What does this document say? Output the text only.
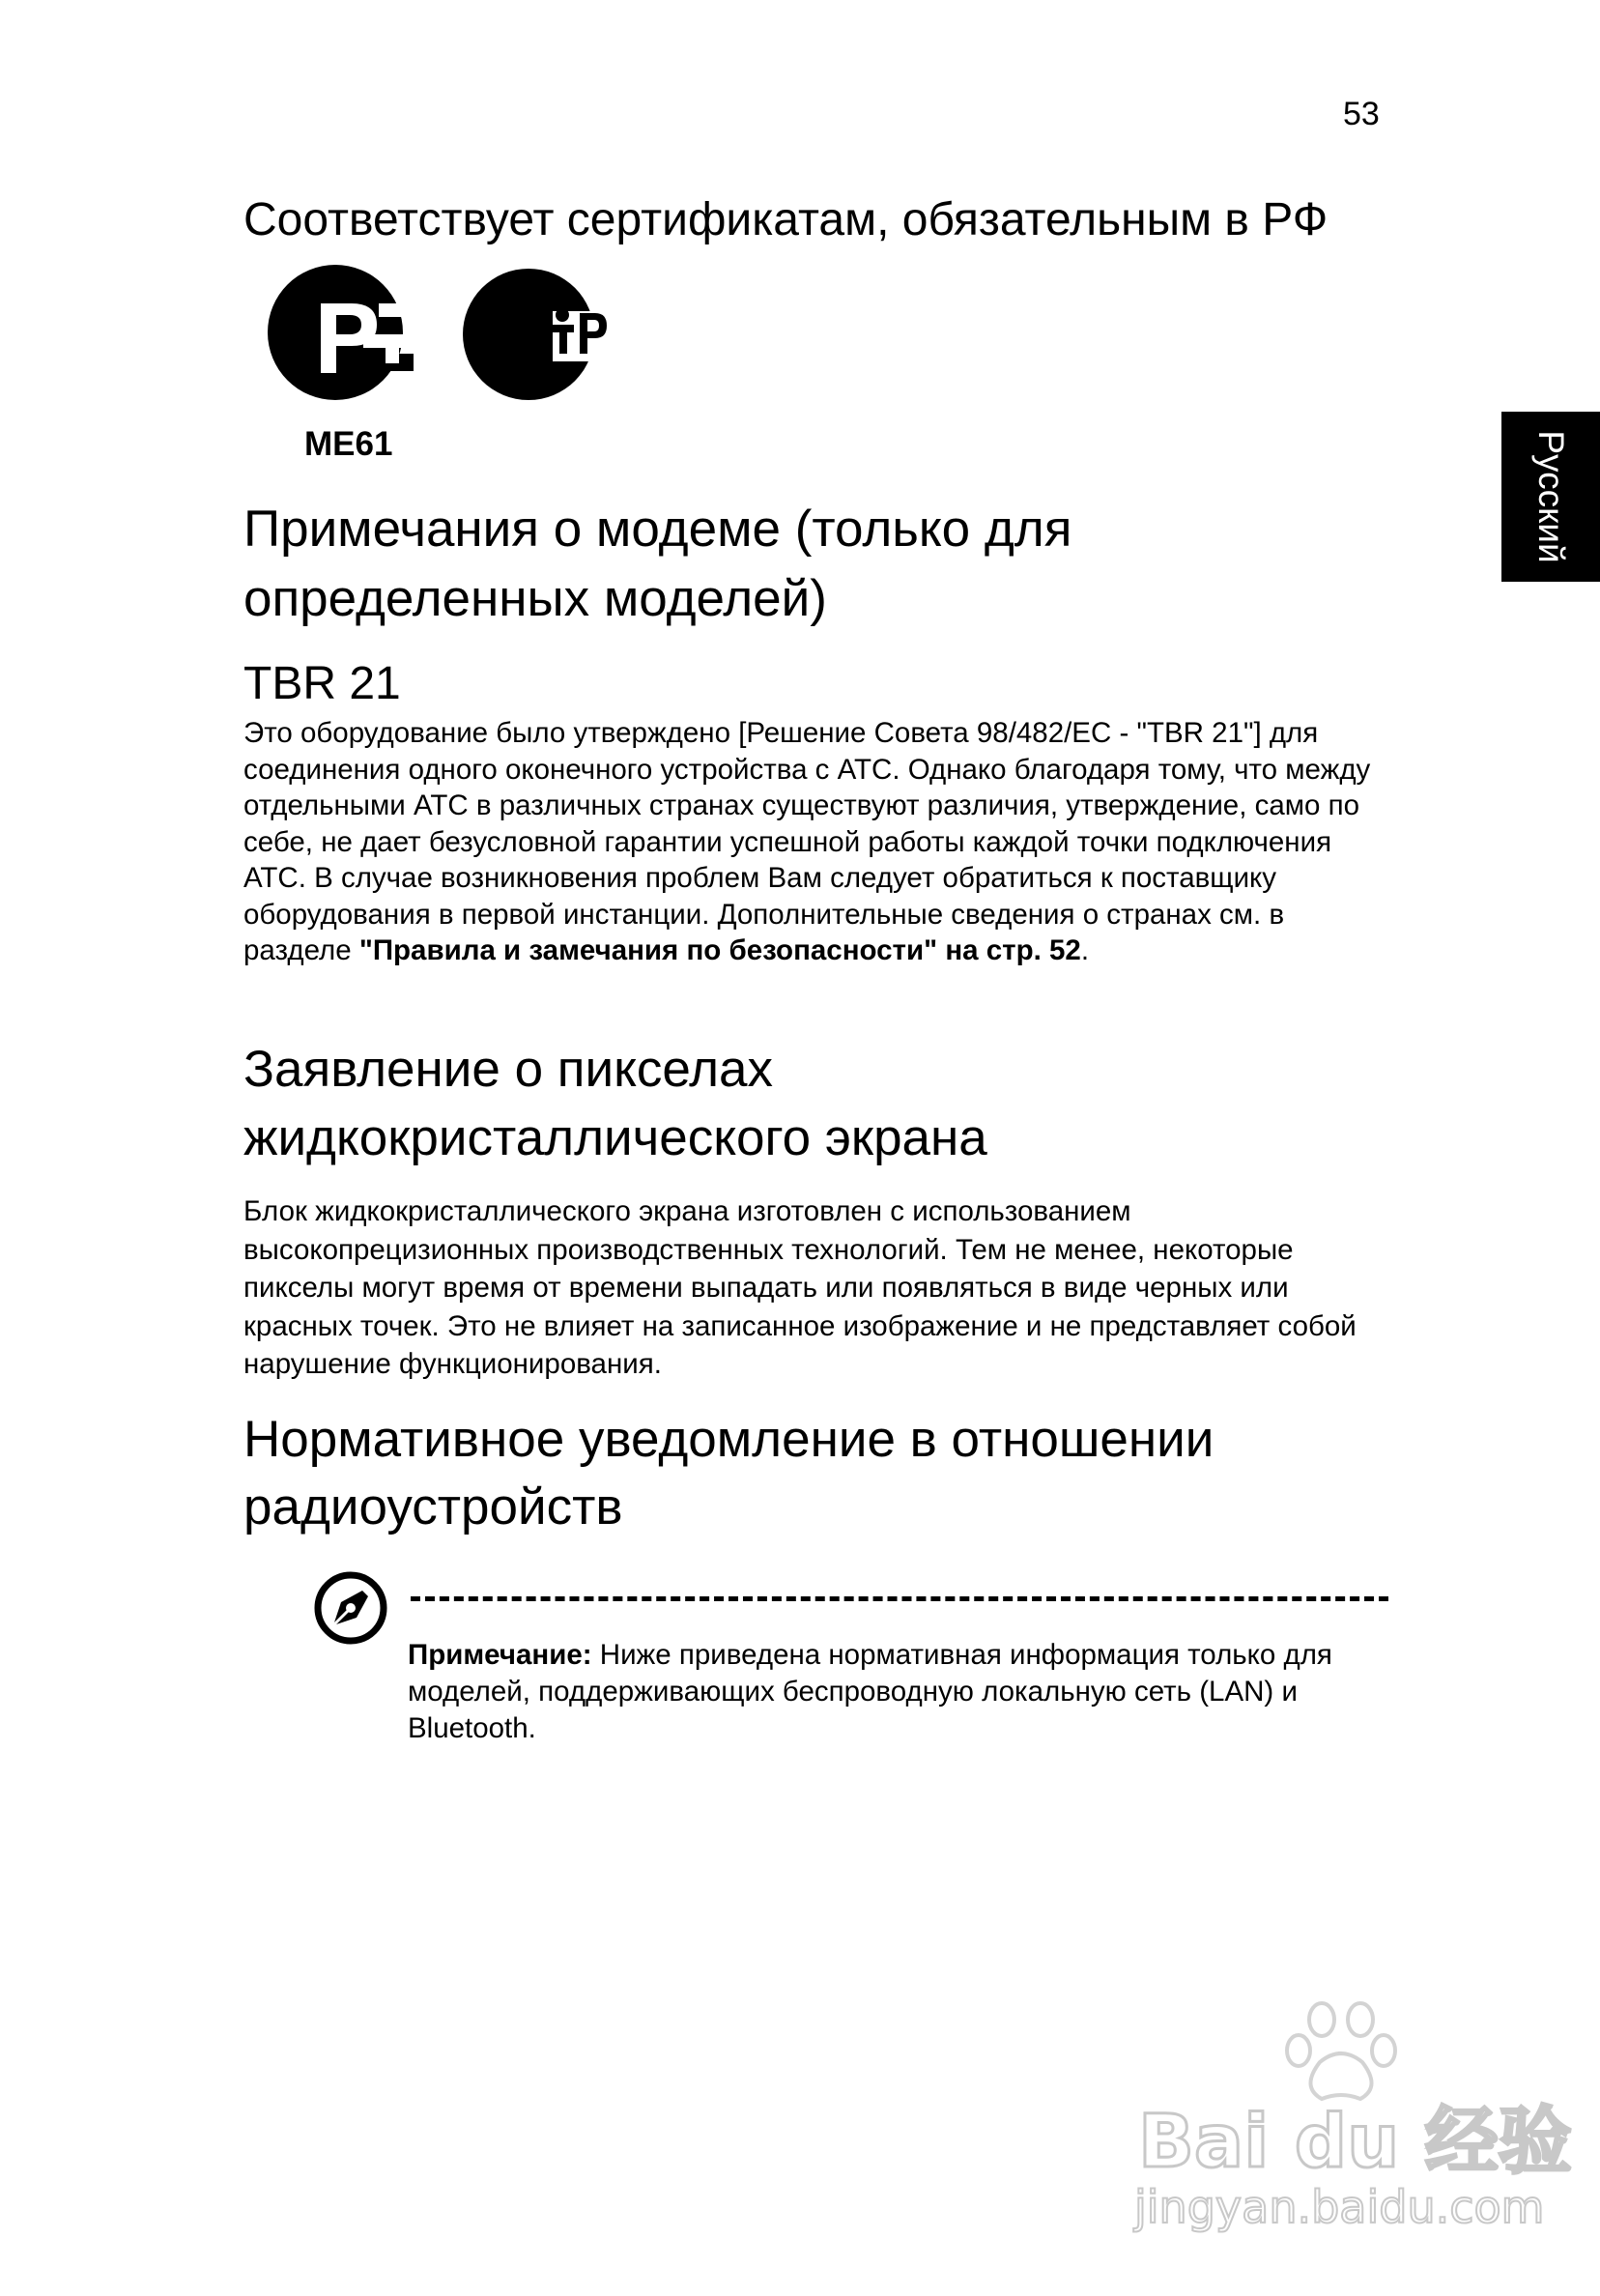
53
Русский
Соответствует сертификатам, обязательным в РФ
ME61
Примечания о модеме (только для
определенных моделей)
TBR 21

Это оборудование было утверждено [Решение Совета 98/482/EC - "TBR 21"] для соединения одного оконечного устройства с АТС. Однако благодаря тому, что между отдельными АТС в различных странах существуют различия, утверждение, само по себе, не дает безусловной гарантии успешной работы каждой точки подключения АТС. В случае возникновения проблем Вам следует обратиться к поставщику оборудования в первой инстанции. Дополнительные сведения о странах см. в разделе "Правила и замечания по безопасности" на стр. 52.

Заявление о пикселах
жидкокристаллического экрана

Блок жидкокристаллического экрана изготовлен с использованием высокопрецизионных производственных технологий. Тем не менее, некоторые пикселы могут время от времени выпадать или появляться в виде черных или красных точек. Это не влияет на записанное изображение и не представляет собой нарушение функционирования.

Нормативное уведомление в отношении
радиоустройств

Примечание: Ниже приведена нормативная информация только для моделей, поддерживающих беспроводную локальную сеть (LAN) и Bluetooth.

Bai du 经验
jingyan.baidu.com
